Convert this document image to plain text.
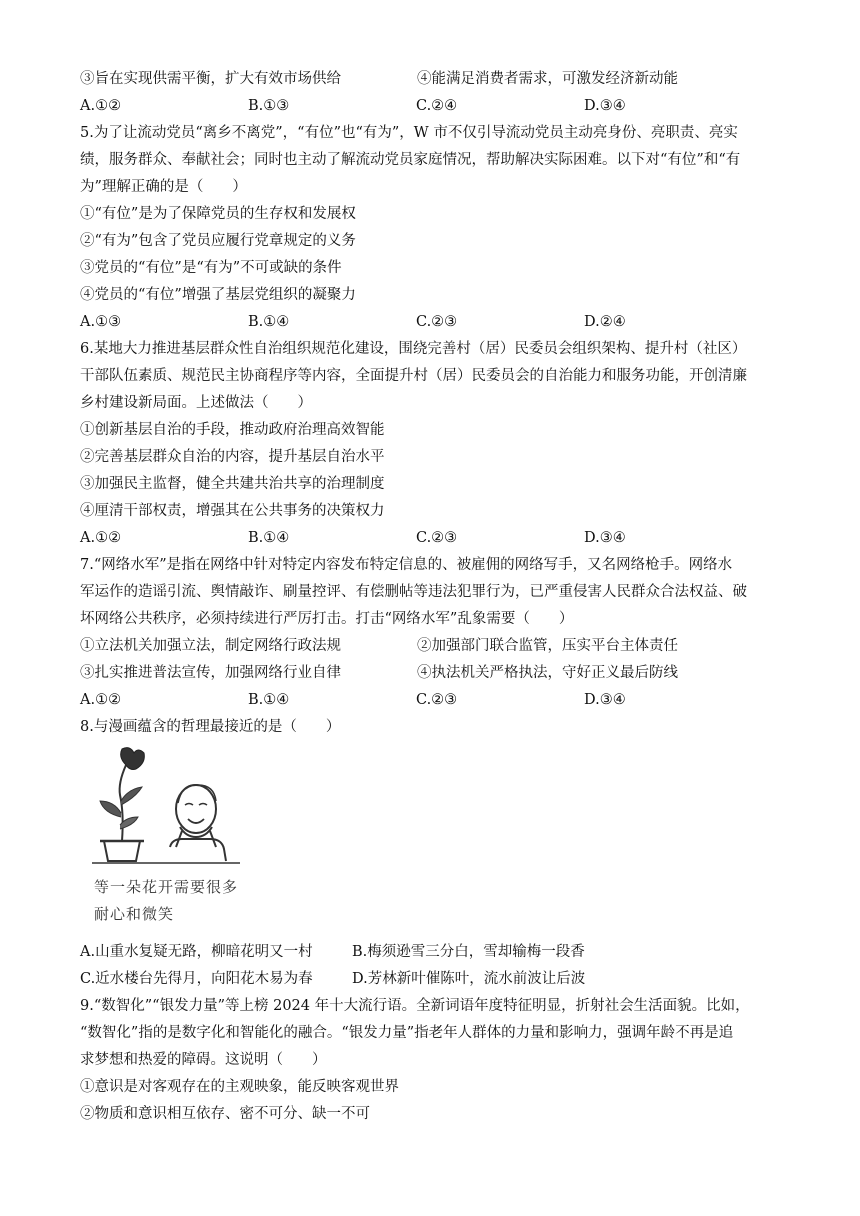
③旨在实现供需平衡，扩大有效市场供给	④能满足消费者需求，可激发经济新动能
A.①②	B.①③	C.②④	D.③④
5.为了让流动党员“离乡不离党”，“有位”也“有为”，W 市不仅引导流动党员主动亮身份、亮职责、亮实
绩，服务群众、奉献社会；同时也主动了解流动党员家庭情况，帮助解决实际困难。以下对“有位”和“有
为”理解正确的是（　　）
①“有位”是为了保障党员的生存权和发展权
②“有为”包含了党员应履行党章规定的义务
③党员的“有位”是“有为”不可或缺的条件
④党员的“有位”增强了基层党组织的凝聚力
A.①③	B.①④	C.②③	D.②④
6.某地大力推进基层群众性自治组织规范化建设，围绕完善村（居）民委员会组织架构、提升村（社区）
干部队伍素质、规范民主协商程序等内容，全面提升村（居）民委员会的自治能力和服务功能，开创清廉
乡村建设新局面。上述做法（　　）
①创新基层自治的手段，推动政府治理高效智能
②完善基层群众自治的内容，提升基层自治水平
③加强民主监督，健全共建共治共享的治理制度
④厘清干部权责，增强其在公共事务的决策权力
A.①②	B.①④	C.②③	D.③④
7.“网络水军”是指在网络中针对特定内容发布特定信息的、被雇佣的网络写手，又名网络枪手。网络水
军运作的造谣引流、舆情敲诈、刷量控评、有偿删帖等违法犯罪行为，已严重侵害人民群众合法权益、破
坏网络公共秩序，必须持续进行严厉打击。打击“网络水军”乱象需要（　　）
①立法机关加强立法，制定网络行政法规	②加强部门联合监管，压实平台主体责任
③扎实推进普法宣传，加强网络行业自律	④执法机关严格执法，守好正义最后防线
A.①②	B.①④	C.②③	D.③④
8.与漫画蕴含的哲理最接近的是（　　）
等一朵花开需要很多
耐心和微笑
A.山重水复疑无路，柳暗花明又一村	B.梅须逊雪三分白，雪却输梅一段香
C.近水楼台先得月，向阳花木易为春	D.芳林新叶催陈叶，流水前波让后波
9.“数智化”“银发力量”等上榜 2024 年十大流行语。全新词语年度特征明显，折射社会生活面貌。比如，
“数智化”指的是数字化和智能化的融合。“银发力量”指老年人群体的力量和影响力，强调年龄不再是追
求梦想和热爱的障碍。这说明（　　）
①意识是对客观存在的主观映象，能反映客观世界
②物质和意识相互依存、密不可分、缺一不可
